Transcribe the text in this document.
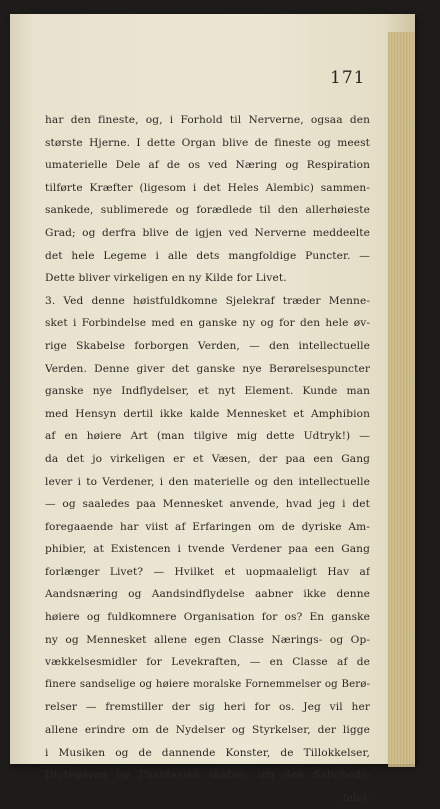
171
har den fineste, og, i Forhold til Nerverne, ogsaa den
største Hjerne. I dette Organ blive de fineste og meest
umaterielle Dele af de os ved Næring og Respiration
tilførte Kræfter (ligesom i det Heles Alembic) sammen-
sankede, sublimerede og forædlede til den allerhøieste
Grad; og derfra blive de igjen ved Nerverne meddeelte
det hele Legeme i alle dets mangfoldige Puncter. —
Dette bliver virkeligen en ny Kilde for Livet.
3. Ved denne høistfuldkomne Sjelekraf træder Menne-
sket i Forbindelse med en ganske ny og for den hele øv-
rige Skabelse forborgen Verden, — den intellectuelle
Verden. Denne giver det ganske nye Berørelsespuncter
ganske nye Indflydelser, et nyt Element. Kunde man
med Hensyn dertil ikke kalde Mennesket et Amphibion
af en høiere Art (man tilgive mig dette Udtryk!) —
da det jo virkeligen er et Væsen, der paa een Gang
lever i to Verdener, i den materielle og den intellectuelle
— og saaledes paa Mennesket anvende, hvad jeg i det
foregaaende har viist af Erfaringen om de dyriske Am-
phibier, at Existencen i tvende Verdener paa een Gang
forlænger Livet? — Hvilket et uopmaaleligt Hav af
Aandsnæring og Aandsindflydelse aabner ikke denne
høiere og fuldkomnere Organisation for os? En ganske
ny og Mennesket allene egen Classe Nærings- og Op-
vækkelsesmidler for Levekraften, — en Classe af de
finere sandselige og høiere moralske Fornemmelser og Berø-
relser — fremstiller der sig heri for os. Jeg vil her
allene erindre om de Nydelser og Styrkelser, der ligge
i Musiken og de dannende Konster, de Tillokkelser,
Digtegaven og Phantasien skaber; om den Saligheds-
følel-
